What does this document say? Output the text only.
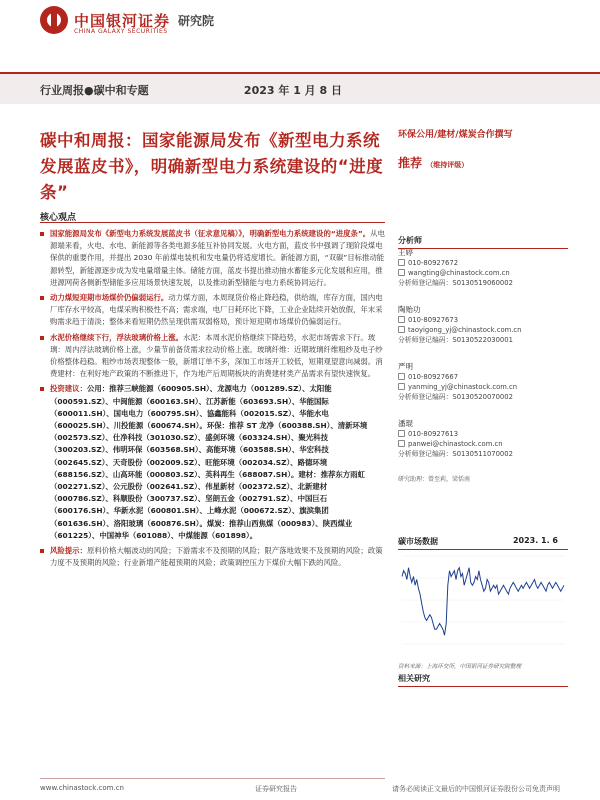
中国银河证券 研究院
CHINA GALAXY SECURITIES
行业周报●碳中和专题	2023 年 1 月 8 日
碳中和周报：国家能源局发布《新型电力系统发展蓝皮书》，明确新型电力系统建设的“进度条”
核心观点

国家能源局发布《新型电力系统发展蓝皮书（征求意见稿）》，明确新型电力系统建设的“进度条”。从电源端来看，火电、水电、新能源等各类电源多能互补协同发展。火电方面，蓝皮书中强调了现阶段煤电保供的重要作用，并提出 2030 年前煤电装机和发电量仍将适度增长。新能源方面，“双碳”目标推动能源转型，新能源逐步成为发电量增量主体。储能方面，蓝皮书提出推动抽水蓄能多元化发展和应用，推进源网荷各侧新型储能多应用场景快速发展，以及推动新型储能与电力系统协同运行。

动力煤短迎期市场煤价仍偏弱运行。动力煤方面，本周现货价格止降趋稳，供给端，库存方面，国内电厂库存水平较高，电煤采购积极性不高；需求端，电厂日耗环比下降，工业企业陆续开始放假，年末采购需求趋于清淡；整体来看短期仍然呈现供需双弱格局，预计短迎期市场煤价仍偏弱运行。

水泥价格继续下行，浮法玻璃价格上涨。水泥：本周水泥价格继续下降趋势，水泥市场需求下行。玻璃：周内浮法玻璃价格上涨，少量节前备货需求拉动价格上涨。玻璃纤维：近期玻璃纤维粗纱及电子纱价格整体趋稳。粗纱市场表现整体一般，新增订单不多，深加工市场开工较低，短期观望意向减弱。消费建材：在利好地产政策的不断推进下，作为地产后周期板块的消费建材类产品需求有望快速恢复。

投资建议：公用：推荐三峡能源（600905.SH）、龙源电力（001289.SZ）、太阳能（000591.SZ）、中闽能源（600163.SH）、江苏新能（603693.SH）、华能国际（600011.SH）、国电电力（600795.SH）、協鑫能科（002015.SZ）、华能水电（600025.SH）、川投能源（600674.SH）。环保：推荐 ST 龙净（600388.SH）、清新环境（002573.SZ）、仕净科技（301030.SZ）、盛剑环境（603324.SH）、聚光科技（300203.SZ）、伟明环保（603568.SH）、高能环境（603588.SH）、华宏科技（002645.SZ）、天奇股份（002009.SZ）、旺能环境（002034.SZ）、路德环境（688156.SZ）、山高环能（000803.SZ）、英科再生（688087.SH）。建材：推荐东方雨虹（002271.SZ）、公元股份（002641.SZ）、伟星新材（002372.SZ）、北新建材（000786.SZ）、科顺股份（300737.SZ）、坚朗五金（002791.SZ）、中国巨石（600176.SH）、华新水泥（600801.SH）、上峰水泥（000672.SZ）、旗滨集团（601636.SH）、洛阳玻璃（600876.SH）。煤炭：推荐山西焦煤（000983）、陕西煤业（601225）、中国神华（601088）、中煤能源（601898）。

风险提示：原料价格大幅波动的风险；下游需求不及预期的风险；限产落地效果不及预期的风险；政策力度不及预期的风险；行业新增产能超预期的风险；政策调控压力下煤价大幅下跌的风险。

环保公用/建材/煤炭合作撰写
推荐 （维持评级）
分析师
王婷
010-80927672
wangting@chinastock.com.cn
分析师登记编码：S0130519060002
陶贻功
010-80927673
taoyigong_yj@chinastock.com.cn
分析师登记编码：S0130522030001
严明
010-80927667
yanming_yj@chinastock.com.cn
分析师登记编码：S0130520070002
潘琨
010-80927613
panwei@chinastock.com.cn
分析师登记编码：S0130511070002
研究助理：曾至莉，梁恬南
碳市场数据	2023. 1. 6
资料来源：上海环交所，中国银河证券研究院整理
相关研究
www.chinastock.com.cn	证券研究报告	请务必阅读正文最后的中国银河证券股份公司免责声明
